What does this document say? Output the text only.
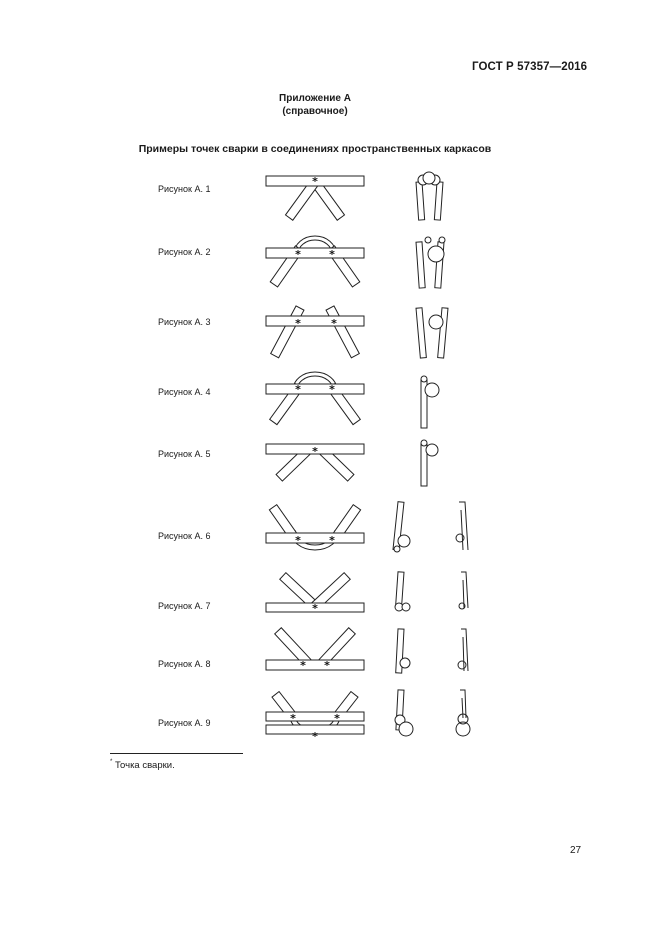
ГОСТ Р 57357—2016
Приложение А
(справочное)
Примеры точек сварки в соединениях пространственных каркасов
Рисунок А. 1
Рисунок А. 2
Рисунок А. 3
Рисунок А. 4
Рисунок А. 5
Рисунок А. 6
Рисунок А. 7
Рисунок А. 8
Рисунок А. 9
*
*	*
*	*
*	*
*
*	*
*
* *
*	*
*
* Точка сварки.
27
